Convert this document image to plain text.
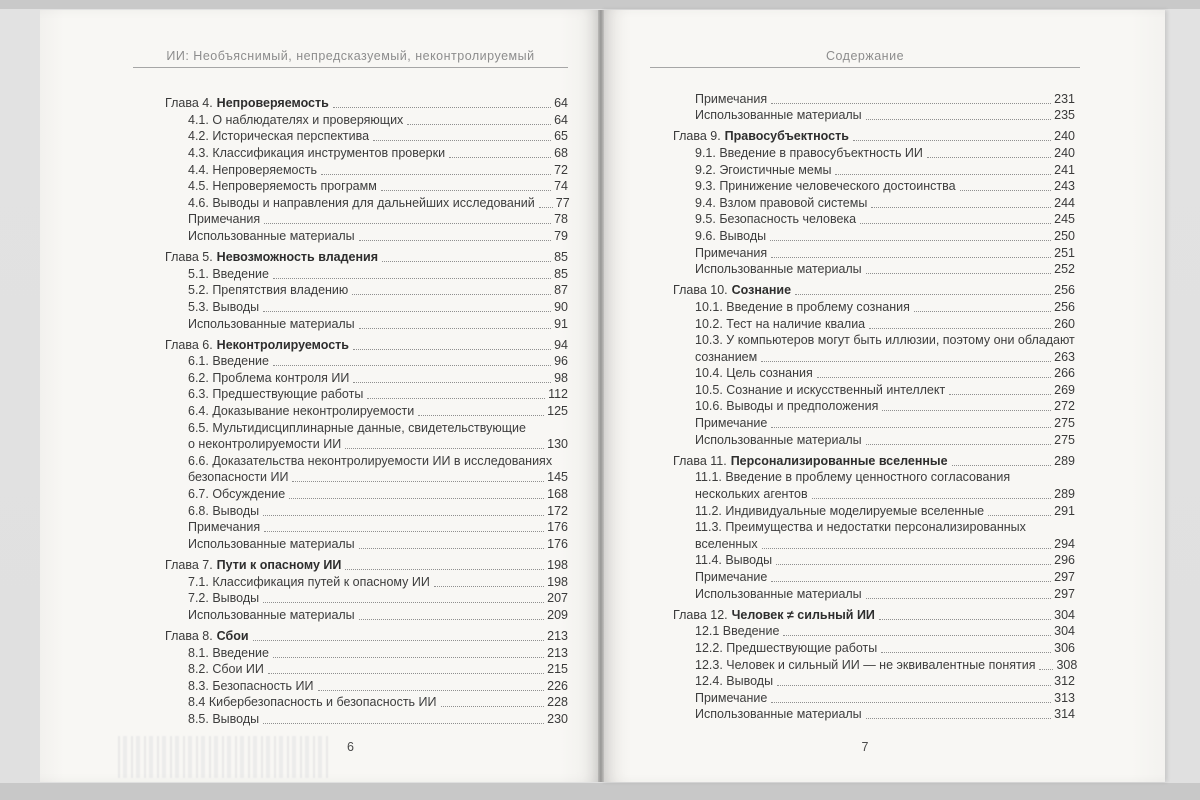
ИИ: Необъяснимый, непредсказуемый, неконтролируемый	Содержание
Глава 4. Непроверяемость	64
4.1. О наблюдателях и проверяющих	64
4.2. Историческая перспектива	65
4.3. Классификация инструментов проверки	68
4.4. Непроверяемость	72
4.5. Непроверяемость программ	74
4.6. Выводы и направления для дальнейших исследований 77
Примечания	78
Использованные материалы	79
Глава 5. Невозможность владения	85
5.1. Введение	85
5.2. Препятствия владению	87
5.3. Выводы	90
Использованные материалы	91
Глава 6. Неконтролируемость	94
6.1. Введение	96
6.2. Проблема контроля ИИ	98
6.3. Предшествующие работы	112
6.4. Доказывание неконтролируемости	125
6.5. Мультидисциплинарные данные, свидетельствующие
о неконтролируемости ИИ	130
6.6. Доказательства неконтролируемости ИИ в исследованиях
безопасности ИИ	145
6.7. Обсуждение	168
6.8. Выводы	172
Примечания	176
Использованные материалы	176
Глава 7. Пути к опасному ИИ	198
7.1. Классификация путей к опасному ИИ	198
7.2. Выводы	207
Использованные материалы	209
Глава 8. Сбои	213
8.1. Введение	213
8.2. Сбои ИИ	215
8.3. Безопасность ИИ	226
8.4 Кибербезопасность и безопасность ИИ	228
8.5. Выводы	230
Примечания	231
Использованные материалы	235
Глава 9. Правосубъектность	240
9.1. Введение в правосубъектность ИИ	240
9.2. Эгоистичные мемы	241
9.3. Принижение человеческого достоинства	243
9.4. Взлом правовой системы	244
9.5. Безопасность человека	245
9.6. Выводы	250
Примечания	251
Использованные материалы	252
Глава 10. Сознание	256
10.1. Введение в проблему сознания	256
10.2. Тест на наличие квалиа	260
10.3. У компьютеров могут быть иллюзии, поэтому они обладают
сознанием	263
10.4. Цель сознания	266
10.5. Сознание и искусственный интеллект	269
10.6. Выводы и предположения	272
Примечание	275
Использованные материалы	275
Глава 11. Персонализированные вселенные	289
11.1. Введение в проблему ценностного согласования
нескольких агентов	289
11.2. Индивидуальные моделируемые вселенные	291
11.3. Преимущества и недостатки персонализированных
вселенных	294
11.4. Выводы	296
Примечание	297
Использованные материалы	297
Глава 12. Человек ≠ сильный ИИ	304
12.1 Введение	304
12.2. Предшествующие работы	306
12.3. Человек и сильный ИИ — не эквивалентные понятия 308
12.4. Выводы	312
Примечание	313
Использованные материалы	314
6	7
